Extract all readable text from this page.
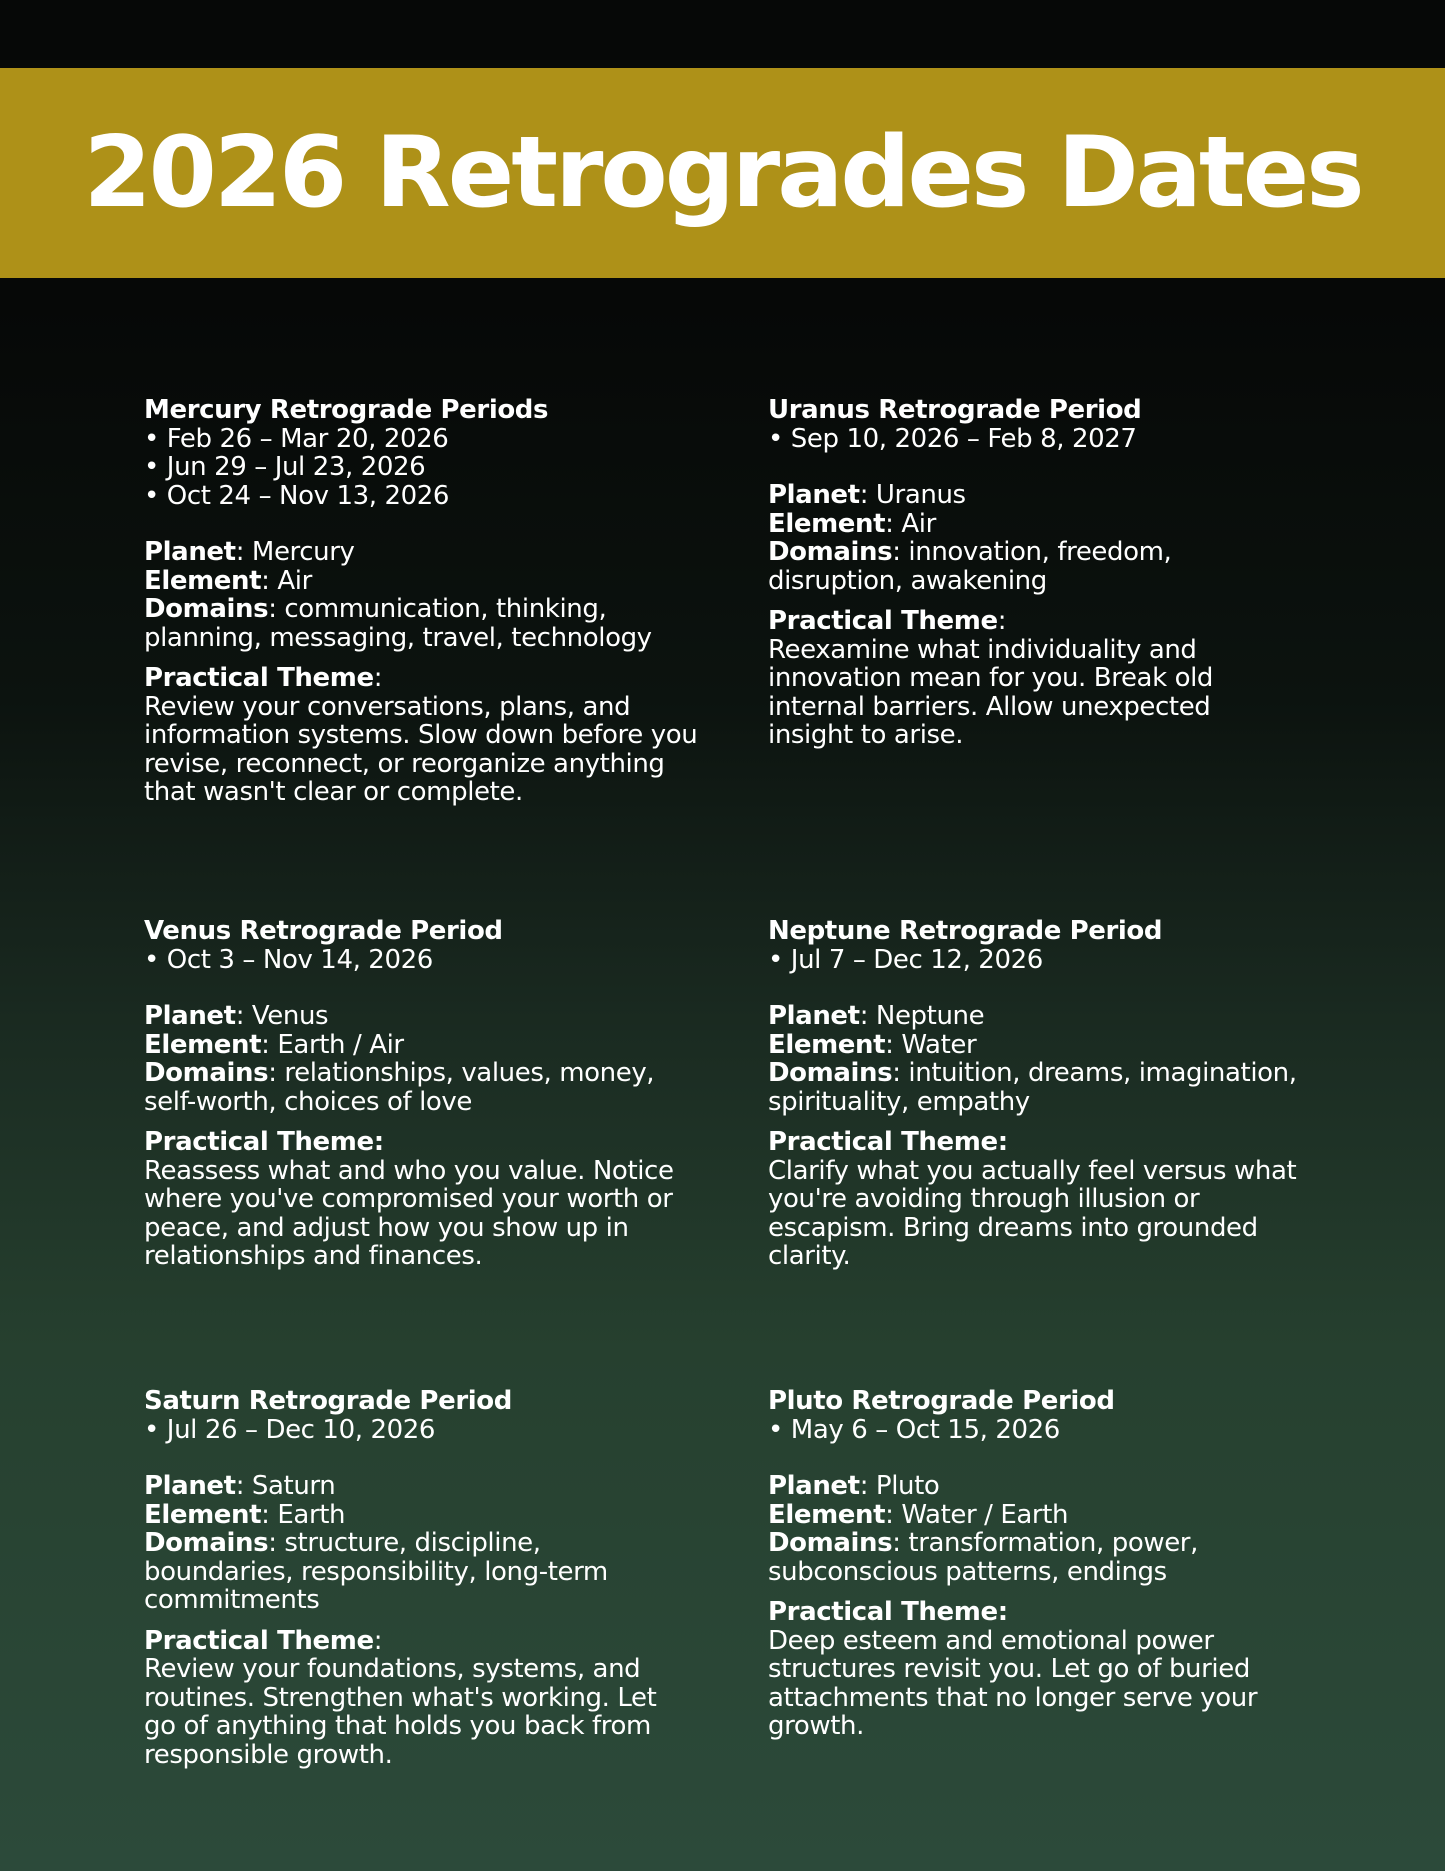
2026 Retrogrades Dates
Mercury Retrograde Periods
• Feb 26 – Mar 20, 2026
• Jun 29 – Jul 23, 2026
• Oct 24 – Nov 13, 2026
Planet: Mercury
Element: Air
Domains: communication, thinking, planning, messaging, travel, technology
Practical Theme:
Review your conversations, plans, and information systems. Slow down before you revise, reconnect, or reorganize anything that wasn't clear or complete.
Uranus Retrograde Period
• Sep 10, 2026 – Feb 8, 2027
Planet: Uranus
Element: Air
Domains: innovation, freedom, disruption, awakening
Practical Theme:
Reexamine what individuality and innovation mean for you. Break old internal barriers. Allow unexpected insight to arise.
Venus Retrograde Period
• Oct 3 – Nov 14, 2026
Planet: Venus
Element: Earth / Air
Domains: relationships, values, money, self-worth, choices of love
Practical Theme:
Reassess what and who you value. Notice where you've compromised your worth or peace, and adjust how you show up in relationships and finances.
Neptune Retrograde Period
• Jul 7 – Dec 12, 2026
Planet: Neptune
Element: Water
Domains: intuition, dreams, imagination, spirituality, empathy
Practical Theme:
Clarify what you actually feel versus what you're avoiding through illusion or escapism. Bring dreams into grounded clarity.
Saturn Retrograde Period
• Jul 26 – Dec 10, 2026
Planet: Saturn
Element: Earth
Domains: structure, discipline, boundaries, responsibility, long-term commitments
Practical Theme:
Review your foundations, systems, and routines. Strengthen what's working. Let go of anything that holds you back from responsible growth.
Pluto Retrograde Period
• May 6 – Oct 15, 2026
Planet: Pluto
Element: Water / Earth
Domains: transformation, power, subconscious patterns, endings
Practical Theme:
Deep esteem and emotional power structures revisit you. Let go of buried attachments that no longer serve your growth.
